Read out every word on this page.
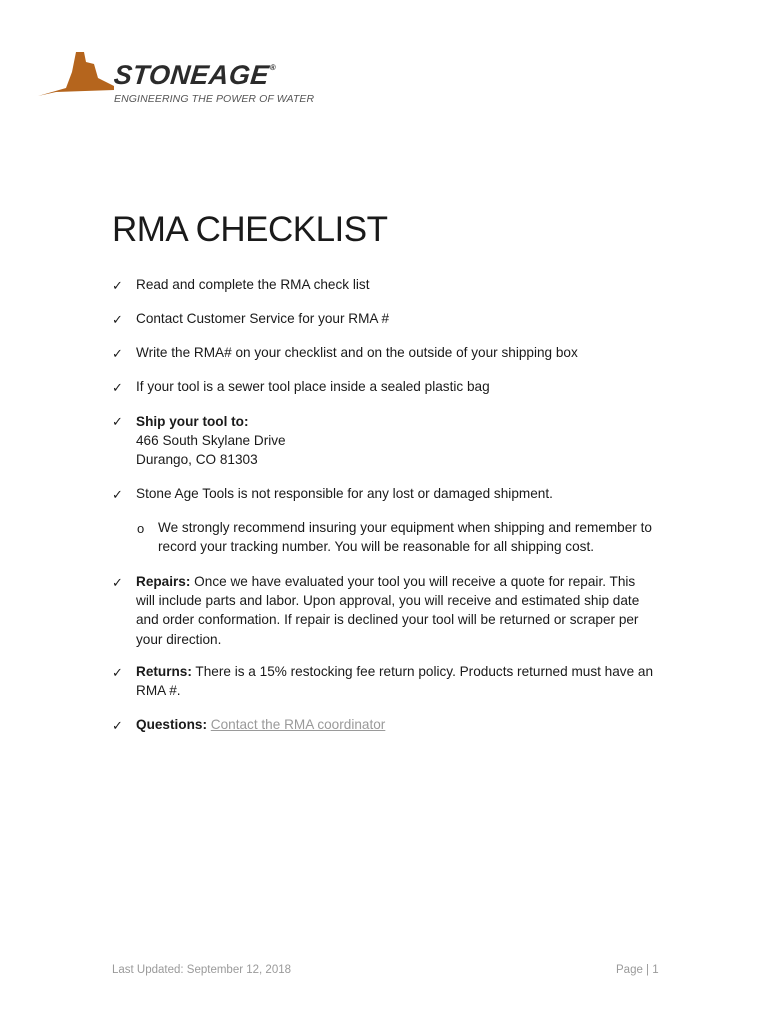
STONEAGE®
ENGINEERING THE POWER OF WATER
RMA CHECKLIST
✓ Read and complete the RMA check list
✓ Contact Customer Service for your RMA #
✓ Write the RMA# on your checklist and on the outside of your shipping box
✓ If your tool is a sewer tool place inside a sealed plastic bag
✓ Ship your tool to:
466 South Skylane Drive
Durango, CO 81303
✓ Stone Age Tools is not responsible for any lost or damaged shipment.
o We strongly recommend insuring your equipment when shipping and remember to record your tracking number. You will be reasonable for all shipping cost.
✓ Repairs: Once we have evaluated your tool you will receive a quote for repair. This will include parts and labor. Upon approval, you will receive and estimated ship date and order conformation. If repair is declined your tool will be returned or scraper per your direction.
✓ Returns: There is a 15% restocking fee return policy. Products returned must have an RMA #.
✓ Questions: Contact the RMA coordinator
Last Updated: September 12, 2018	Page | 1
